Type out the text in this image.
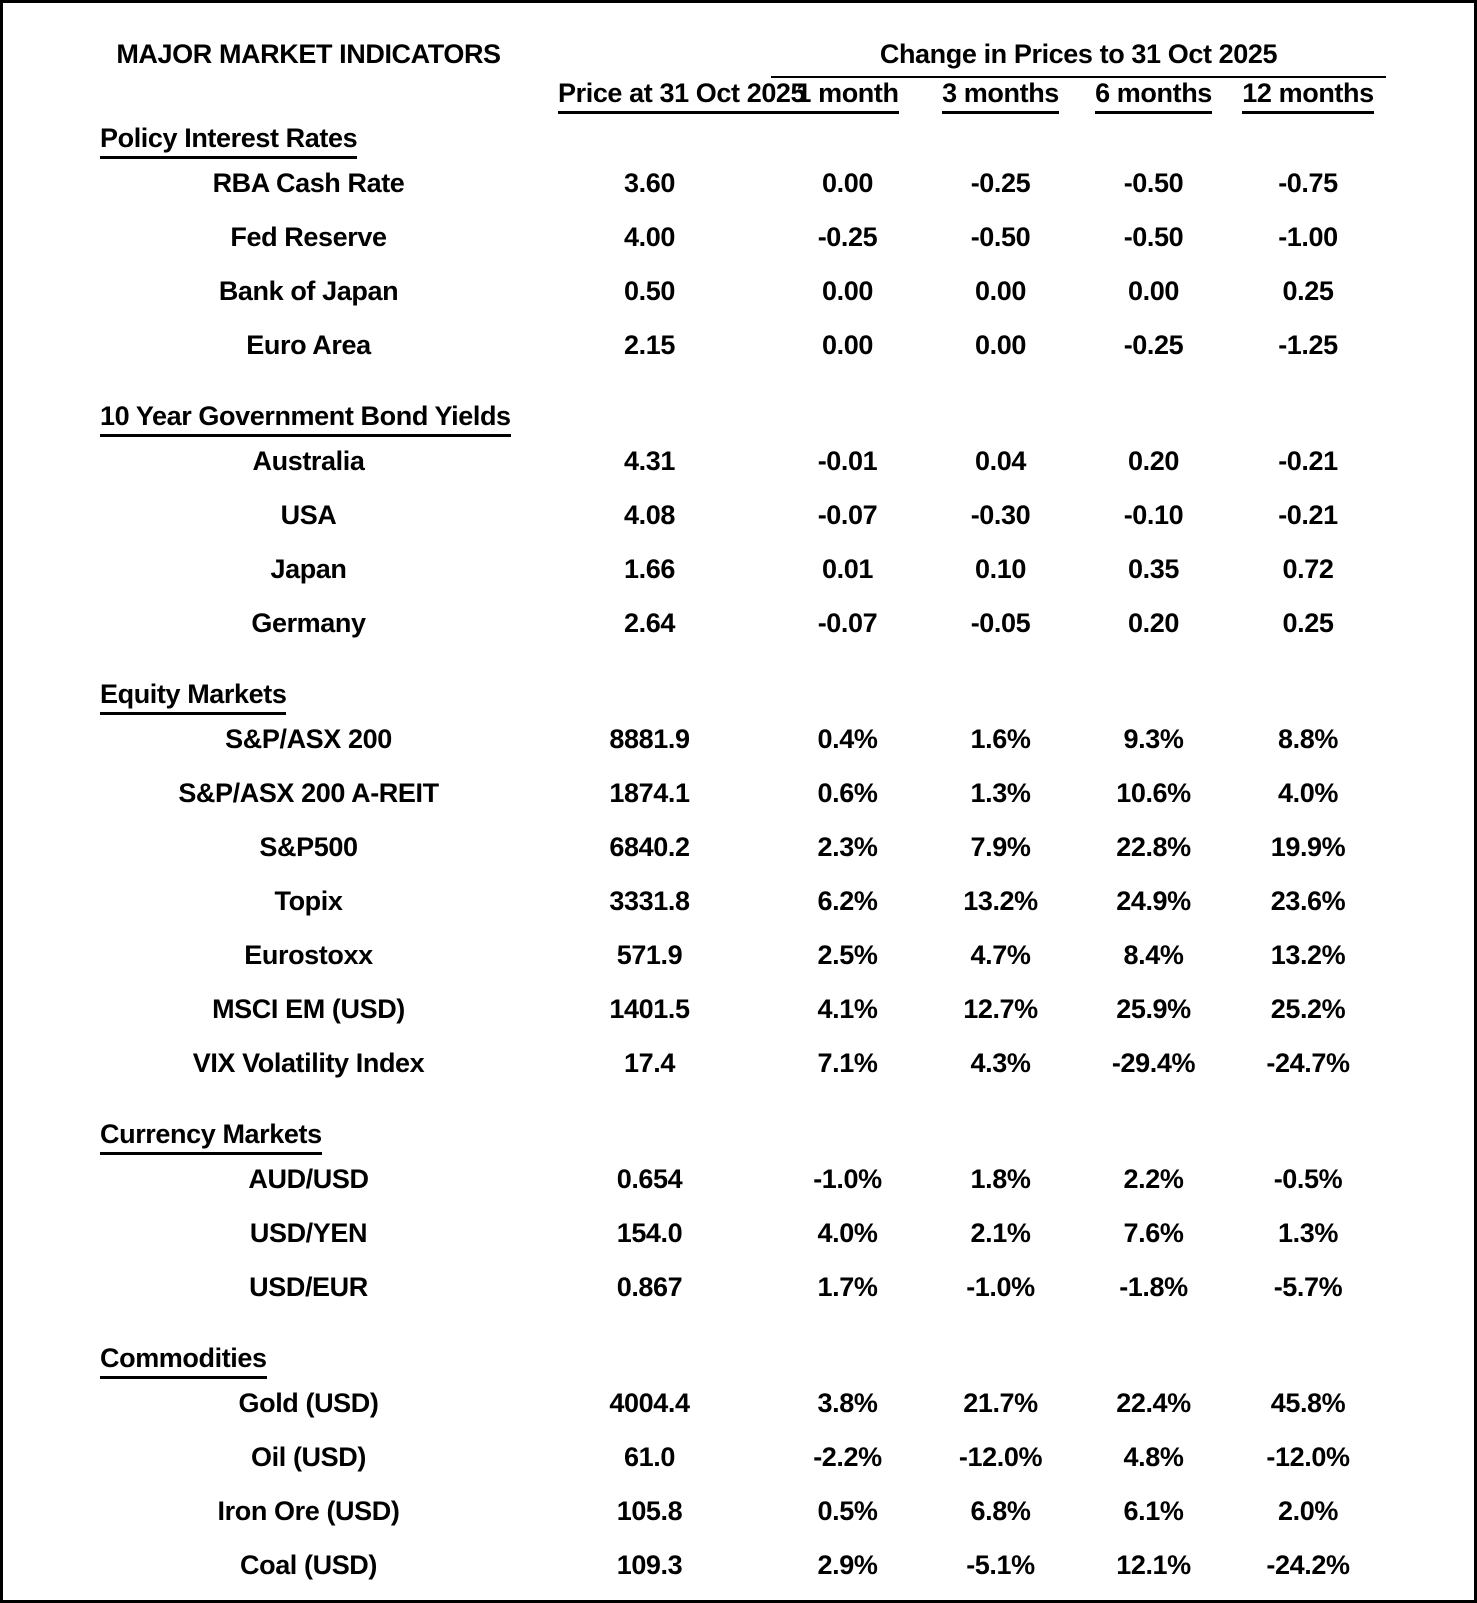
MAJOR MARKET INDICATORS	Change in Prices to 31 Oct 2025
Price at 31 Oct 2025
1 month	3 months	6 months	12 months
Policy Interest Rates
RBA Cash Rate	3.60	0.00	-0.25	-0.50	-0.75
Fed Reserve	4.00	-0.25	-0.50	-0.50	-1.00
Bank of Japan	0.50	0.00	0.00	0.00	0.25
Euro Area	2.15	0.00	0.00	-0.25	-1.25
10 Year Government Bond Yields
Australia	4.31	-0.01	0.04	0.20	-0.21
USA	4.08	-0.07	-0.30	-0.10	-0.21
Japan	1.66	0.01	0.10	0.35	0.72
Germany	2.64	-0.07	-0.05	0.20	0.25
Equity Markets
S&P/ASX 200	8881.9	0.4%	1.6%	9.3%	8.8%
S&P/ASX 200 A-REIT	1874.1	0.6%	1.3%	10.6%	4.0%
S&P500	6840.2	2.3%	7.9%	22.8%	19.9%
Topix	3331.8	6.2%	13.2%	24.9%	23.6%
Eurostoxx	571.9	2.5%	4.7%	8.4%	13.2%
MSCI EM (USD)	1401.5	4.1%	12.7%	25.9%	25.2%
VIX Volatility Index	17.4	7.1%	4.3%	-29.4%	-24.7%
Currency Markets
AUD/USD	0.654	-1.0%	1.8%	2.2%	-0.5%
USD/YEN	154.0	4.0%	2.1%	7.6%	1.3%
USD/EUR	0.867	1.7%	-1.0%	-1.8%	-5.7%
Commodities
Gold (USD)	4004.4	3.8%	21.7%	22.4%	45.8%
Oil (USD)	61.0	-2.2%	-12.0%	4.8%	-12.0%
Iron Ore (USD)	105.8	0.5%	6.8%	6.1%	2.0%
Coal (USD)	109.3	2.9%	-5.1%	12.1%	-24.2%
